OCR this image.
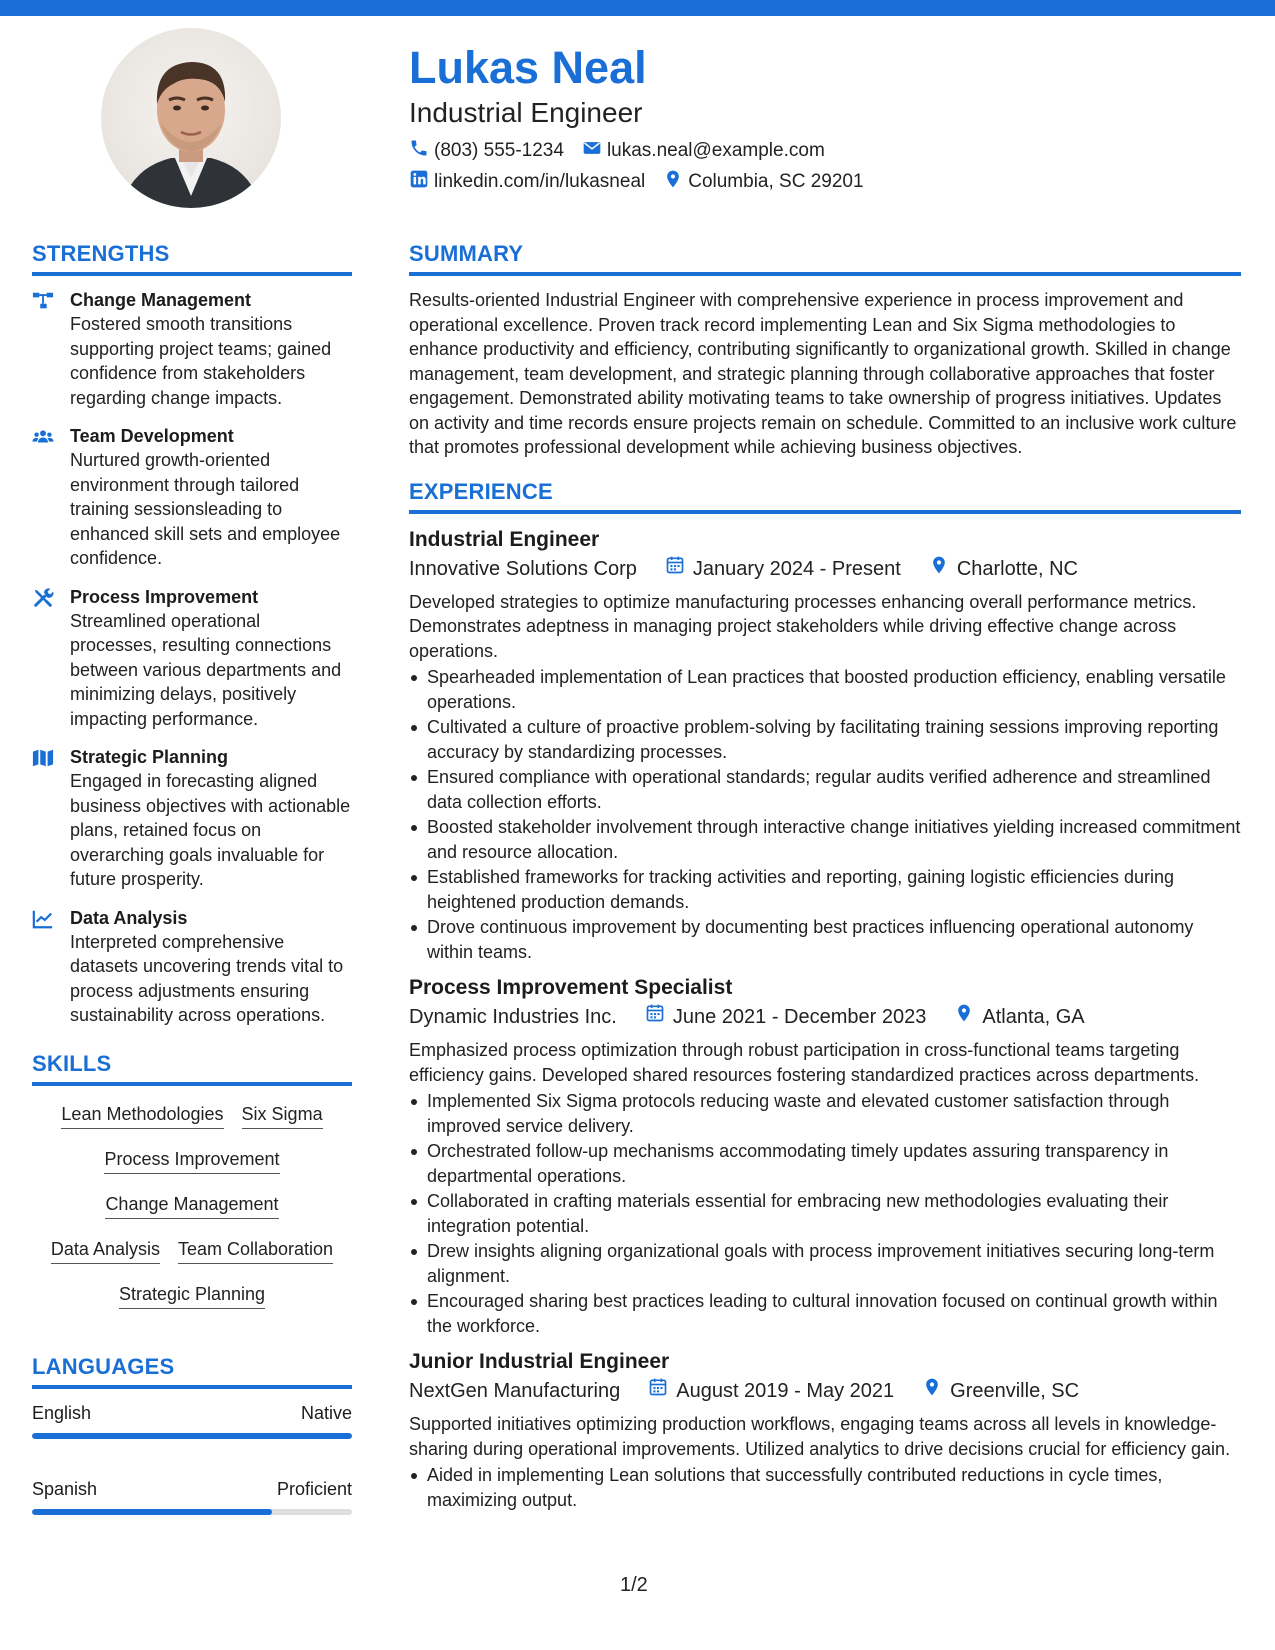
Lukas Neal
Industrial Engineer
(803) 555-1234 lukas.neal@example.com
linkedin.com/in/lukasneal Columbia, SC 29201
STRENGTHS
Change Management
Fostered smooth transitions supporting project teams; gained confidence from stakeholders regarding change impacts.
Team Development
Nurtured growth-oriented environment through tailored training sessionsleading to enhanced skill sets and employee confidence.
Process Improvement
Streamlined operational processes, resulting connections between various departments and minimizing delays, positively impacting performance.
Strategic Planning
Engaged in forecasting aligned business objectives with actionable plans, retained focus on overarching goals invaluable for future prosperity.
Data Analysis
Interpreted comprehensive datasets uncovering trends vital to process adjustments ensuring sustainability across operations.
SKILLS
Lean Methodologies Six Sigma
Process Improvement
Change Management
Data Analysis Team Collaboration
Strategic Planning
LANGUAGES
English	Native
Spanish	Proficient
SUMMARY
Results-oriented Industrial Engineer with comprehensive experience in process improvement and operational excellence. Proven track record implementing Lean and Six Sigma methodologies to enhance productivity and efficiency, contributing significantly to organizational growth. Skilled in change management, team development, and strategic planning through collaborative approaches that foster engagement. Demonstrated ability motivating teams to take ownership of progress initiatives. Updates on activity and time records ensure projects remain on schedule. Committed to an inclusive work culture that promotes professional development while achieving business objectives.
EXPERIENCE
Industrial Engineer
Innovative Solutions Corp	January 2024 - Present	Charlotte, NC
Developed strategies to optimize manufacturing processes enhancing overall performance metrics. Demonstrates adeptness in managing project stakeholders while driving effective change across operations.
Spearheaded implementation of Lean practices that boosted production efficiency, enabling versatile operations.
Cultivated a culture of proactive problem-solving by facilitating training sessions improving reporting accuracy by standardizing processes.
Ensured compliance with operational standards; regular audits verified adherence and streamlined data collection efforts.
Boosted stakeholder involvement through interactive change initiatives yielding increased commitment and resource allocation.
Established frameworks for tracking activities and reporting, gaining logistic efficiencies during heightened production demands.
Drove continuous improvement by documenting best practices influencing operational autonomy within teams.
Process Improvement Specialist
Dynamic Industries Inc.	June 2021 - December 2023	Atlanta, GA
Emphasized process optimization through robust participation in cross-functional teams targeting efficiency gains. Developed shared resources fostering standardized practices across departments.
Implemented Six Sigma protocols reducing waste and elevated customer satisfaction through improved service delivery.
Orchestrated follow-up mechanisms accommodating timely updates assuring transparency in departmental operations.
Collaborated in crafting materials essential for embracing new methodologies evaluating their integration potential.
Drew insights aligning organizational goals with process improvement initiatives securing long-term alignment.
Encouraged sharing best practices leading to cultural innovation focused on continual growth within the workforce.
Junior Industrial Engineer
NextGen Manufacturing	August 2019 - May 2021	Greenville, SC
Supported initiatives optimizing production workflows, engaging teams across all levels in knowledge-sharing during operational improvements. Utilized analytics to drive decisions crucial for efficiency gain.
Aided in implementing Lean solutions that successfully contributed reductions in cycle times, maximizing output.
1/2
